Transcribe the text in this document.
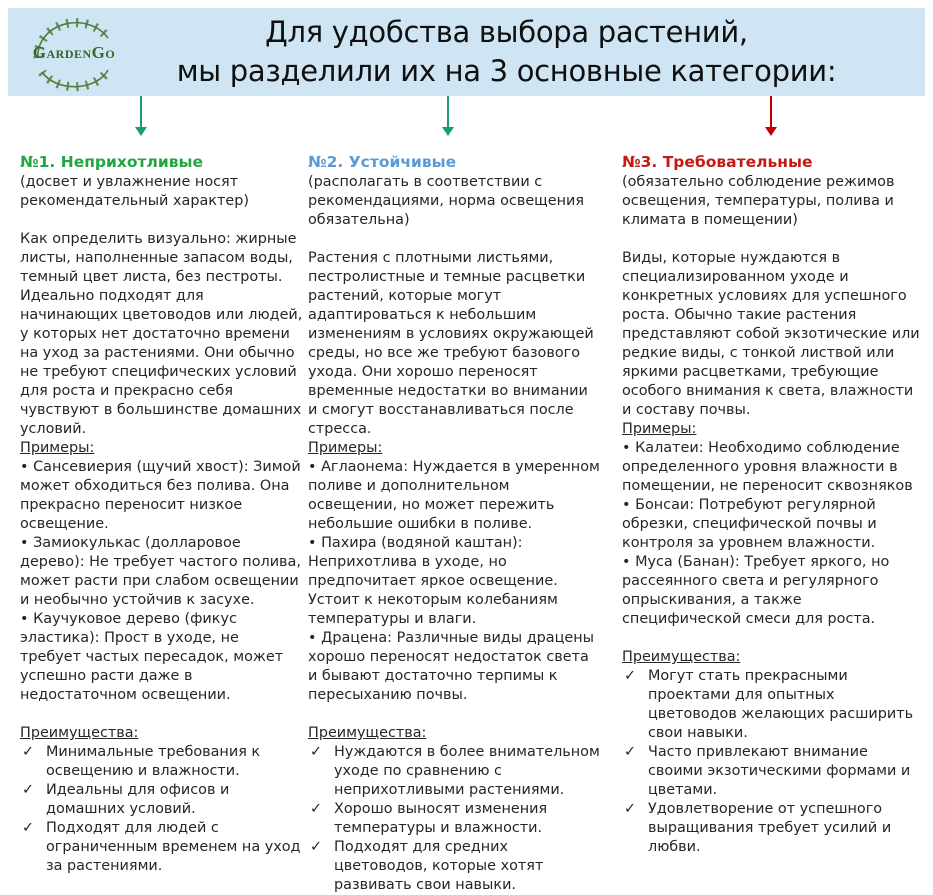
GardenGo
Для удобства выбора растений,
мы разделили их на 3 основные категории:
№1. Неприхотливые

(досвет и увлажнение носят рекомендательный характер)

Как определить визуально: жирные листы, наполненные запасом воды, темный цвет листа, без пестроты. Идеально подходят для начинающих цветоводов или людей, у которых нет достаточно времени на уход за растениями. Они обычно не требуют специфических условий для роста и прекрасно себя чувствуют в большинстве домашних условий.

Примеры:

• Сансевиерия (щучий хвост): Зимой может обходиться без полива. Она прекрасно переносит низкое освещение.
• Замиокулькас (долларовое дерево): Не требует частого полива, может расти при слабом освещении и необычно устойчив к засухе.
• Каучуковое дерево (фикус эластика): Прост в уходе, не требует частых пересадок, может успешно расти даже в недостаточном освещении.

Преимущества:

✓ Минимальные требования к освещению и влажности.
✓ Идеальны для офисов и домашних условий.
✓ Подходят для людей с ограниченным временем на уход за растениями.
№2. Устойчивые

(располагать в соответствии с рекомендациями, норма освещения обязательна)

Растения с плотными листьями, пестролистные и темные расцветки растений, которые могут адаптироваться к небольшим изменениям в условиях окружающей среды, но все же требуют базового ухода. Они хорошо переносят временные недостатки во внимании и смогут восстанавливаться после стресса.

Примеры:

• Аглаонема: Нуждается в умеренном поливе и дополнительном освещении, но может пережить небольшие ошибки в поливе.
• Пахира (водяной каштан): Неприхотлива в уходе, но предпочитает яркое освещение. Устоит к некоторым колебаниям температуры и влаги.
• Драцена: Различные виды драцены хорошо переносят недостаток света и бывают достаточно терпимы к пересыханию почвы.

Преимущества:

✓ Нуждаются в более внимательном уходе по сравнению с неприхотливыми растениями.
✓ Хорошо выносят изменения температуры и влажности.
✓ Подходят для средних цветоводов, которые хотят развивать свои навыки.
№3. Требовательные

(обязательно соблюдение режимов освещения, температуры, полива и климата в помещении)

Виды, которые нуждаются в специализированном уходе и конкретных условиях для успешного роста. Обычно такие растения представляют собой экзотические или редкие виды, с тонкой листвой или яркими расцветками, требующие особого внимания к света, влажности и составу почвы.

Примеры:

• Калатеи: Необходимо соблюдение определенного уровня влажности в помещении, не переносит сквозняков
• Бонсаи: Потребуют регулярной обрезки, специфической почвы и контроля за уровнем влажности.
• Муса (Банан): Требует яркого, но рассеянного света и регулярного опрыскивания, а также специфической смеси для роста.

Преимущества:

✓ Могут стать прекрасными проектами для опытных цветоводов желающих расширить свои навыки.
✓ Часто привлекают внимание своими экзотическими формами и цветами.
✓ Удовлетворение от успешного выращивания требует усилий и любви.
